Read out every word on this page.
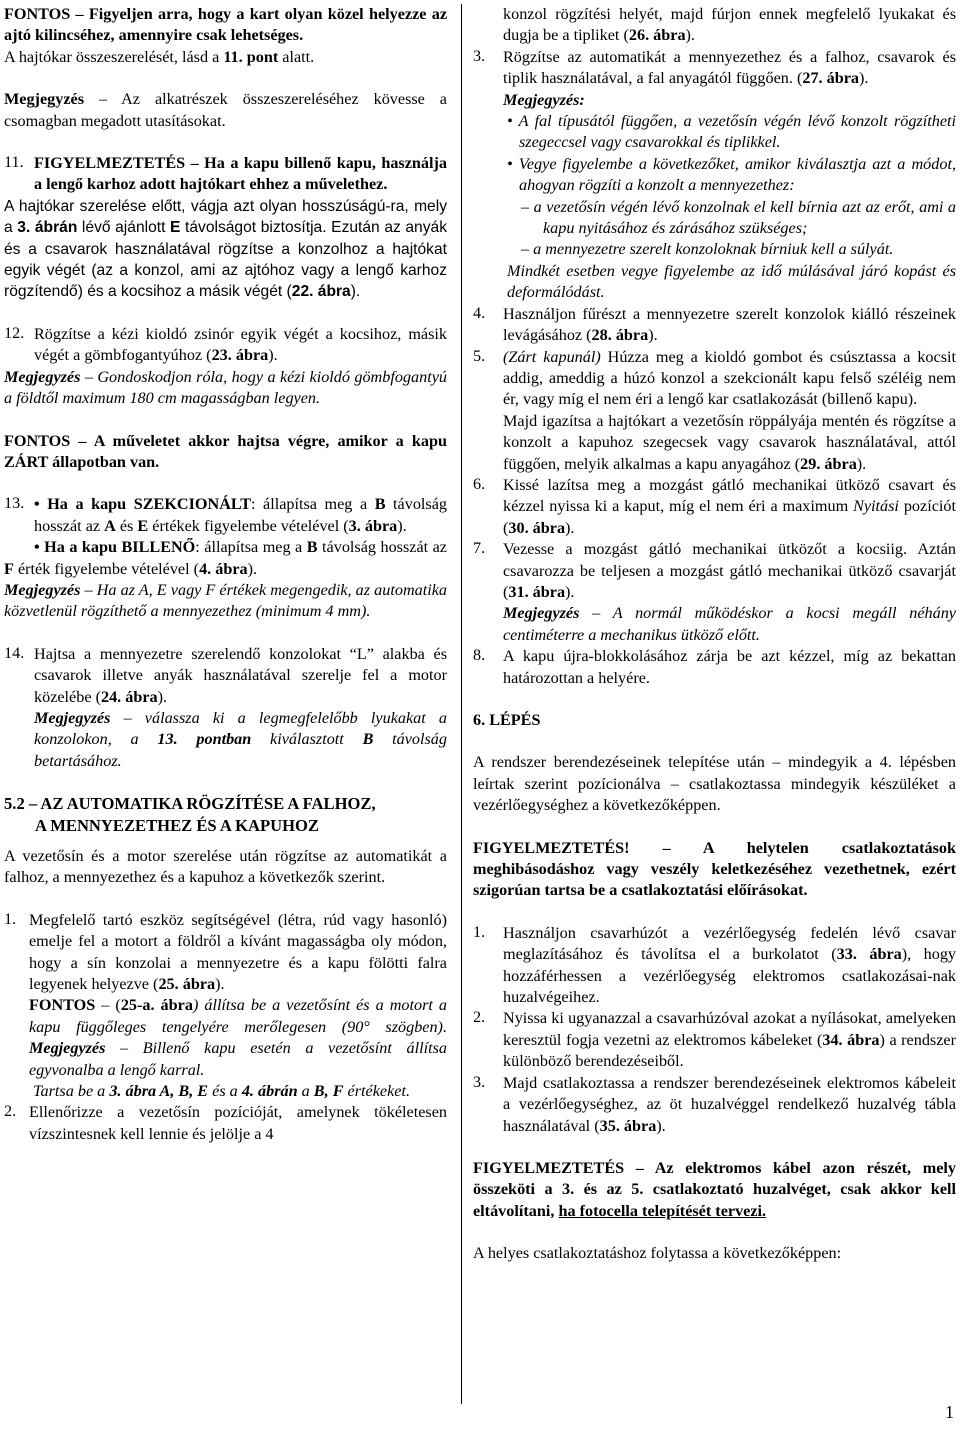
FONTOS – Figyeljen arra, hogy a kart olyan közel helyezze az ajtó kilincséhez, amennyire csak lehetséges.
A hajtókar összeszerelését, lásd a 11. pont alatt.

Megjegyzés – Az alkatrészek összeszereléséhez kövesse a csomagban megadott utasításokat.

11. FIGYELMEZTETÉS – Ha a kapu billenő kapu, használja a lengő karhoz adott hajtókart ehhez a művelethez.

A hajtókar szerelése előtt, vágja azt olyan hosszúságú-ra, mely a 3. ábrán lévő ajánlott E távolságot biztosítja. Ezután az anyák és a csavarok használatával rögzítse a konzolhoz a hajtókat egyik végét (az a konzol, ami az ajtóhoz vagy a lengő karhoz rögzítendő) és a kocsihoz a másik végét (22. ábra).

12. Rögzítse a kézi kioldó zsinór egyik végét a kocsihoz, másik végét a gömbfogantyúhoz (23. ábra).

Megjegyzés – Gondoskodjon róla, hogy a kézi kioldó gömbfogantyú a földtől maximum 180 cm magasságban legyen.

FONTOS – A műveletet akkor hajtsa végre, amikor a kapu ZÁRT állapotban van.

13. • Ha a kapu SZEKCIONÁLT: állapítsa meg a B távolság hosszát az A és E értékek figyelembe vételével (3. ábra).

• Ha a kapu BILLENŐ: állapítsa meg a B távolság hosszát az F érték figyelembe vételével (4. ábra).

Megjegyzés – Ha az A, E vagy F értékek megengedik, az automatika közvetlenül rögzíthető a mennyezethez (minimum 4 mm).

14. Hajtsa a mennyezetre szerelendő konzolokat “L” alakba és csavarok illetve anyák használatával szerelje fel a motor közelébe (24. ábra).

Megjegyzés – válassza ki a legmegfelelőbb lyukakat a konzolokon, a 13. pontban kiválasztott B távolság betartásához.

5.2 – AZ AUTOMATIKA RÖGZÍTÉSE A FALHOZ,
A MENNYEZETHEZ ÉS A KAPUHOZ

A vezetősín és a motor szerelése után rögzítse az automatikát a falhoz, a mennyezethez és a kapuhoz a következők szerint.

1. Megfelelő tartó eszköz segítségével (létra, rúd vagy hasonló) emelje fel a motort a földről a kívánt magasságba oly módon, hogy a sín konzolai a mennyezetre és a kapu fölötti falra legyenek helyezve (25. ábra).

FONTOS – (25-a. ábra) állítsa be a vezetősínt és a motort a kapu függőleges tengelyére merőlegesen (90° szögben). Megjegyzés – Billenő kapu esetén a vezetősínt állítsa egyvonalba a lengő karral.

Tartsa be a 3. ábra A, B, E és a 4. ábrán a B, F értékeket.

2. Ellenőrizze a vezetősín pozícióját, amelynek tökéletesen vízszintesnek kell lennie és jelölje a 4

konzol rögzítési helyét, majd fúrjon ennek megfelelő lyukakat és dugja be a tipliket (26. ábra).

3.	Rögzítse az automatikát a mennyezethez és a falhoz, csavarok és tiplik használatával, a fal anyagától függően. (27. ábra).

Megjegyzés:

• A fal típusától függően, a vezetősín végén lévő konzolt rögzítheti szegeccsel vagy csavarokkal és tiplikkel.

• Vegye figyelembe a következőket, amikor kiválasztja azt a módot, ahogyan rögzíti a konzolt a mennyezethez:

– a vezetősín végén lévő konzolnak el kell bírnia azt az erőt, ami a kapu nyitásához és zárásához szükséges;

– a mennyezetre szerelt konzoloknak bírniuk kell a súlyát.

Mindkét esetben vegye figyelembe az idő múlásával járó kopást és deformálódást.

4.	Használjon fűrészt a mennyezetre szerelt konzolok kiálló részeinek levágásához (28. ábra).

5.	(Zárt kapunál) Húzza meg a kioldó gombot és csúsztassa a kocsit addig, ameddig a húzó konzol a szekcionált kapu felső széléig nem ér, vagy míg el nem éri a lengő kar csatlakozását (billenő kapu).

Majd igazítsa a hajtókart a vezetősín röppályája mentén és rögzítse a konzolt a kapuhoz szegecsek vagy csavarok használatával, attól függően, melyik alkalmas a kapu anyagához (29. ábra).

6.	Kissé lazítsa meg a mozgást gátló mechanikai ütköző csavart és kézzel nyissa ki a kaput, míg el nem éri a maximum Nyitási pozíciót (30. ábra).

7.	Vezesse a mozgást gátló mechanikai ütközőt a kocsiig. Aztán csavarozza be teljesen a mozgást gátló mechanikai ütköző csavarját (31. ábra).

Megjegyzés – A normál működéskor a kocsi megáll néhány centiméterre a mechanikus ütköző előtt.

8.	A kapu újra-blokkolásához zárja be azt kézzel, míg az bekattan határozottan a helyére.

6. LÉPÉS

A rendszer berendezéseinek telepítése után – mindegyik a 4. lépésben leírtak szerint pozícionálva – csatlakoztassa mindegyik készüléket a vezérlőegységhez a következőképpen.

FIGYELMEZTETÉS! – A helytelen csatlakoztatások meghibásodáshoz vagy veszély keletkezéséhez vezethetnek, ezért szigorúan tartsa be a csatlakoztatási előírásokat.

1.	Használjon csavarhúzót a vezérlőegység fedelén lévő csavar meglazításához és távolítsa el a burkolatot (33. ábra), hogy hozzáférhessen a vezérlőegység elektromos csatlakozásai-nak huzalvégeihez.

2.	Nyissa ki ugyanazzal a csavarhúzóval azokat a nyílásokat, amelyeken keresztül fogja vezetni az elektromos kábeleket (34. ábra) a rendszer különböző berendezéseiből.

3.	Majd csatlakoztassa a rendszer berendezéseinek elektromos kábeleit a vezérlőegységhez, az öt huzalvéggel rendelkező huzalvég tábla használatával (35. ábra).

FIGYELMEZTETÉS – Az elektromos kábel azon részét, mely összeköti a 3. és az 5. csatlakoztató huzalvéget, csak akkor kell eltávolítani, ha fotocella telepítését tervezi.

A helyes csatlakoztatáshoz folytassa a következőképpen:

1
